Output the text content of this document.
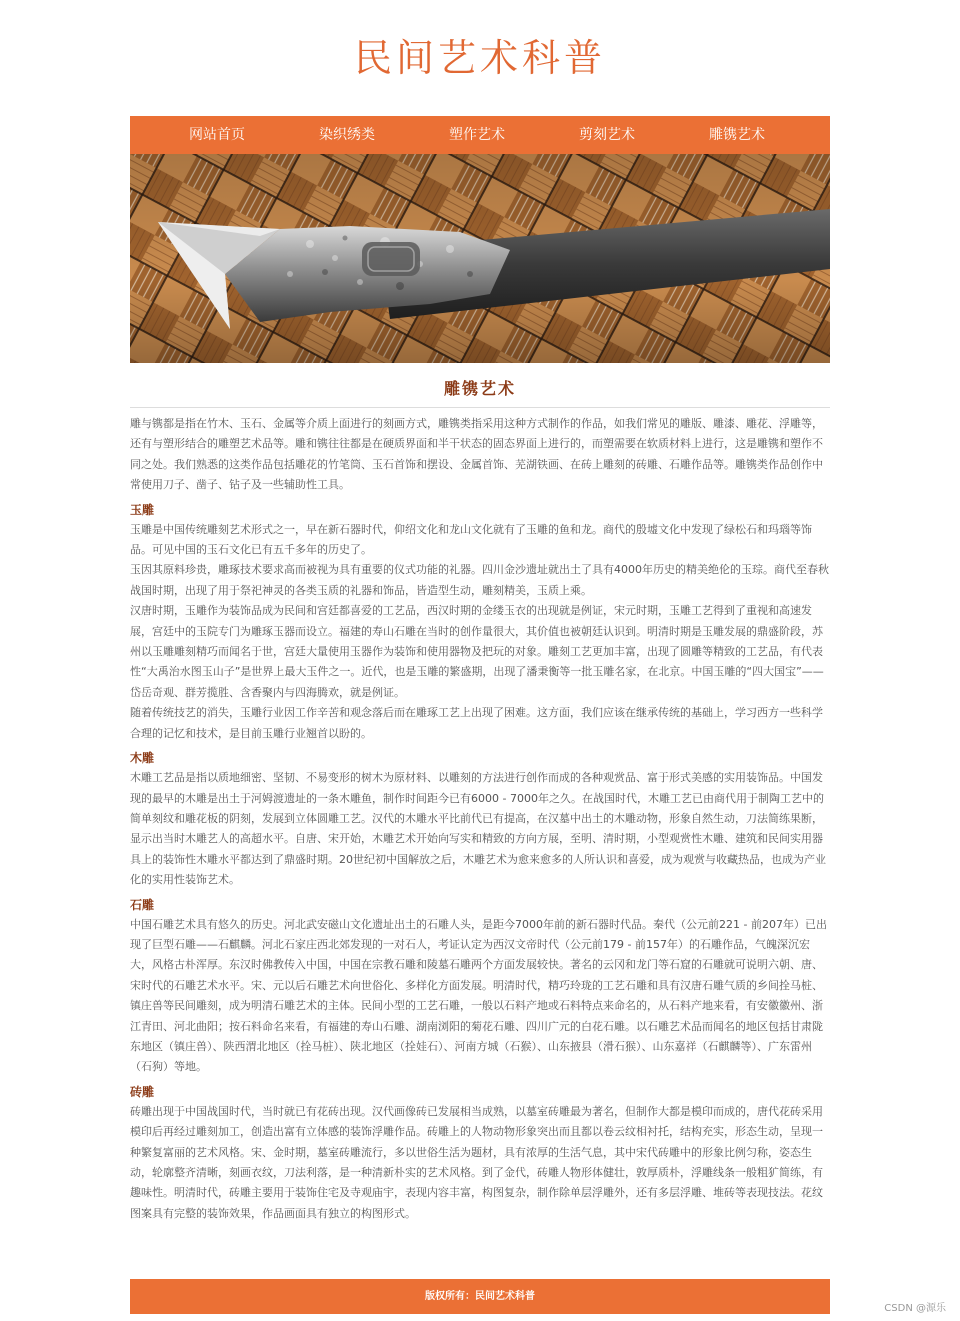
民间艺术科普
网站首页	染织绣类	塑作艺术	剪刻艺术	雕镌艺术
雕镌艺术

雕与镌都是指在竹木、玉石、金属等介质上面进行的刻画方式，雕镌类指采用这种方式制作的作品，如我们常见的雕版、雕漆、雕花、浮雕等，还有与塑形结合的雕塑艺术品等。雕和镌往往都是在硬质界面和半干状态的固态界面上进行的，而塑需要在软质材料上进行，这是雕镌和塑作不同之处。我们熟悉的这类作品包括雕花的竹笔筒、玉石首饰和摆设、金属首饰、芜湖铁画、在砖上雕刻的砖雕、石雕作品等。雕镌类作品创作中常使用刀子、凿子、钻子及一些辅助性工具。

玉雕

玉雕是中国传统雕刻艺术形式之一，早在新石器时代，仰绍文化和龙山文化就有了玉雕的鱼和龙。商代的殷墟文化中发现了绿松石和玛瑙等饰品。可见中国的玉石文化已有五千多年的历史了。

玉因其原料珍贵，雕琢技术要求高而被视为具有重要的仪式功能的礼器。四川金沙遗址就出土了具有4000年历史的精美绝伦的玉琮。商代至春秋战国时期，出现了用于祭祀神灵的各类玉质的礼器和饰品，皆造型生动，雕刻精美，玉质上乘。

汉唐时期，玉雕作为装饰品成为民间和宫廷都喜爱的工艺品，西汉时期的金缕玉衣的出现就是例证，宋元时期，玉雕工艺得到了重视和高速发展，宫廷中的玉院专门为雕琢玉器而设立。福建的寿山石雕在当时的创作量很大，其价值也被朝廷认识到。明清时期是玉雕发展的鼎盛阶段，苏州以玉雕雕刻精巧而闻名于世，宫廷大量使用玉器作为装饰和使用器物及把玩的对象。雕刻工艺更加丰富，出现了圆雕等精致的工艺品，有代表性“大禹治水图玉山子”是世界上最大玉件之一。近代，也是玉雕的繁盛期，出现了潘秉衡等一批玉雕名家，在北京。中国玉雕的“四大国宝”——岱岳奇观、群芳揽胜、含香聚内与四海腾欢，就是例证。

随着传统技艺的消失，玉雕行业因工作辛苦和观念落后而在雕琢工艺上出现了困难。这方面，我们应该在继承传统的基础上，学习西方一些科学合理的记忆和技术，是目前玉雕行业翘首以盼的。

木雕

木雕工艺品是指以质地细密、坚韧、不易变形的树木为原材料、以雕刻的方法进行创作而成的各种观赏品、富于形式美感的实用装饰品。中国发现的最早的木雕是出土于河姆渡遗址的一条木雕鱼，制作时间距今已有6000 - 7000年之久。在战国时代，木雕工艺已由商代用于制陶工艺中的简单刻纹和雕花板的阴刻，发展到立体圆雕工艺。汉代的木雕水平比前代已有提高，在汉墓中出土的木雕动物，形象自然生动，刀法简练果断，显示出当时木雕艺人的高超水平。自唐、宋开始，木雕艺术开始向写实和精致的方向方展，至明、清时期，小型观赏性木雕、建筑和民间实用器具上的装饰性木雕水平都达到了鼎盛时期。20世纪初中国解放之后，木雕艺术为愈来愈多的人所认识和喜爱，成为观赏与收藏热品，也成为产业化的实用性装饰艺术。

石雕

中国石雕艺术具有悠久的历史。河北武安磁山文化遗址出土的石雕人头，是距今7000年前的新石器时代品。秦代（公元前221 - 前207年）已出现了巨型石雕——石麒麟。河北石家庄西北郊发现的一对石人，考证认定为西汉文帝时代（公元前179 - 前157年）的石雕作品，气魄深沉宏大，风格古朴浑厚。东汉时佛教传入中国，中国在宗教石雕和陵墓石雕两个方面发展较快。著名的云冈和龙门等石窟的石雕就可说明六朝、唐、宋时代的石雕艺术水平。宋、元以后石雕艺术向世俗化、多样化方面发展。明清时代，精巧玲珑的工艺石雕和具有汉唐石雕气质的乡间拴马桩、镇庄兽等民间雕刻，成为明清石雕艺术的主体。民间小型的工艺石雕，一般以石料产地或石料特点来命名的，从石料产地来看，有安徽徽州、浙江青田、河北曲阳；按石料命名来看，有福建的寿山石雕、湖南浏阳的菊花石雕、四川广元的白花石雕。以石雕艺术品而闻名的地区包括甘肃陇东地区（镇庄兽）、陕西渭北地区（拴马桩）、陕北地区（拴娃石）、河南方城（石猴）、山东掖县（滑石猴）、山东嘉祥（石麒麟等）、广东雷州（石狗）等地。

砖雕

砖雕出现于中国战国时代，当时就已有花砖出现。汉代画像砖已发展相当成熟，以墓室砖雕最为著名，但制作大都是模印而成的，唐代花砖采用模印后再经过雕刻加工，创造出富有立体感的装饰浮雕作品。砖雕上的人物动物形象突出而且都以卷云纹相衬托，结构充实，形态生动，呈现一种繁复富丽的艺术风格。宋、金时期，墓室砖雕流行，多以世俗生活为题材，具有浓厚的生活气息，其中宋代砖雕中的形象比例匀称，姿态生动，轮廓整齐清晰，刻画衣纹，刀法利落，是一种清新朴实的艺术风格。到了金代，砖雕人物形体健壮，敦厚质朴，浮雕线条一般粗犷简练，有趣味性。明清时代，砖雕主要用于装饰住宅及寺观庙宇，表现内容丰富，构图复杂，制作除单层浮雕外，还有多层浮雕、堆砖等表现技法。花纹图案具有完整的装饰效果，作品画面具有独立的构图形式。

版权所有：民间艺术科普
CSDN @源乐
